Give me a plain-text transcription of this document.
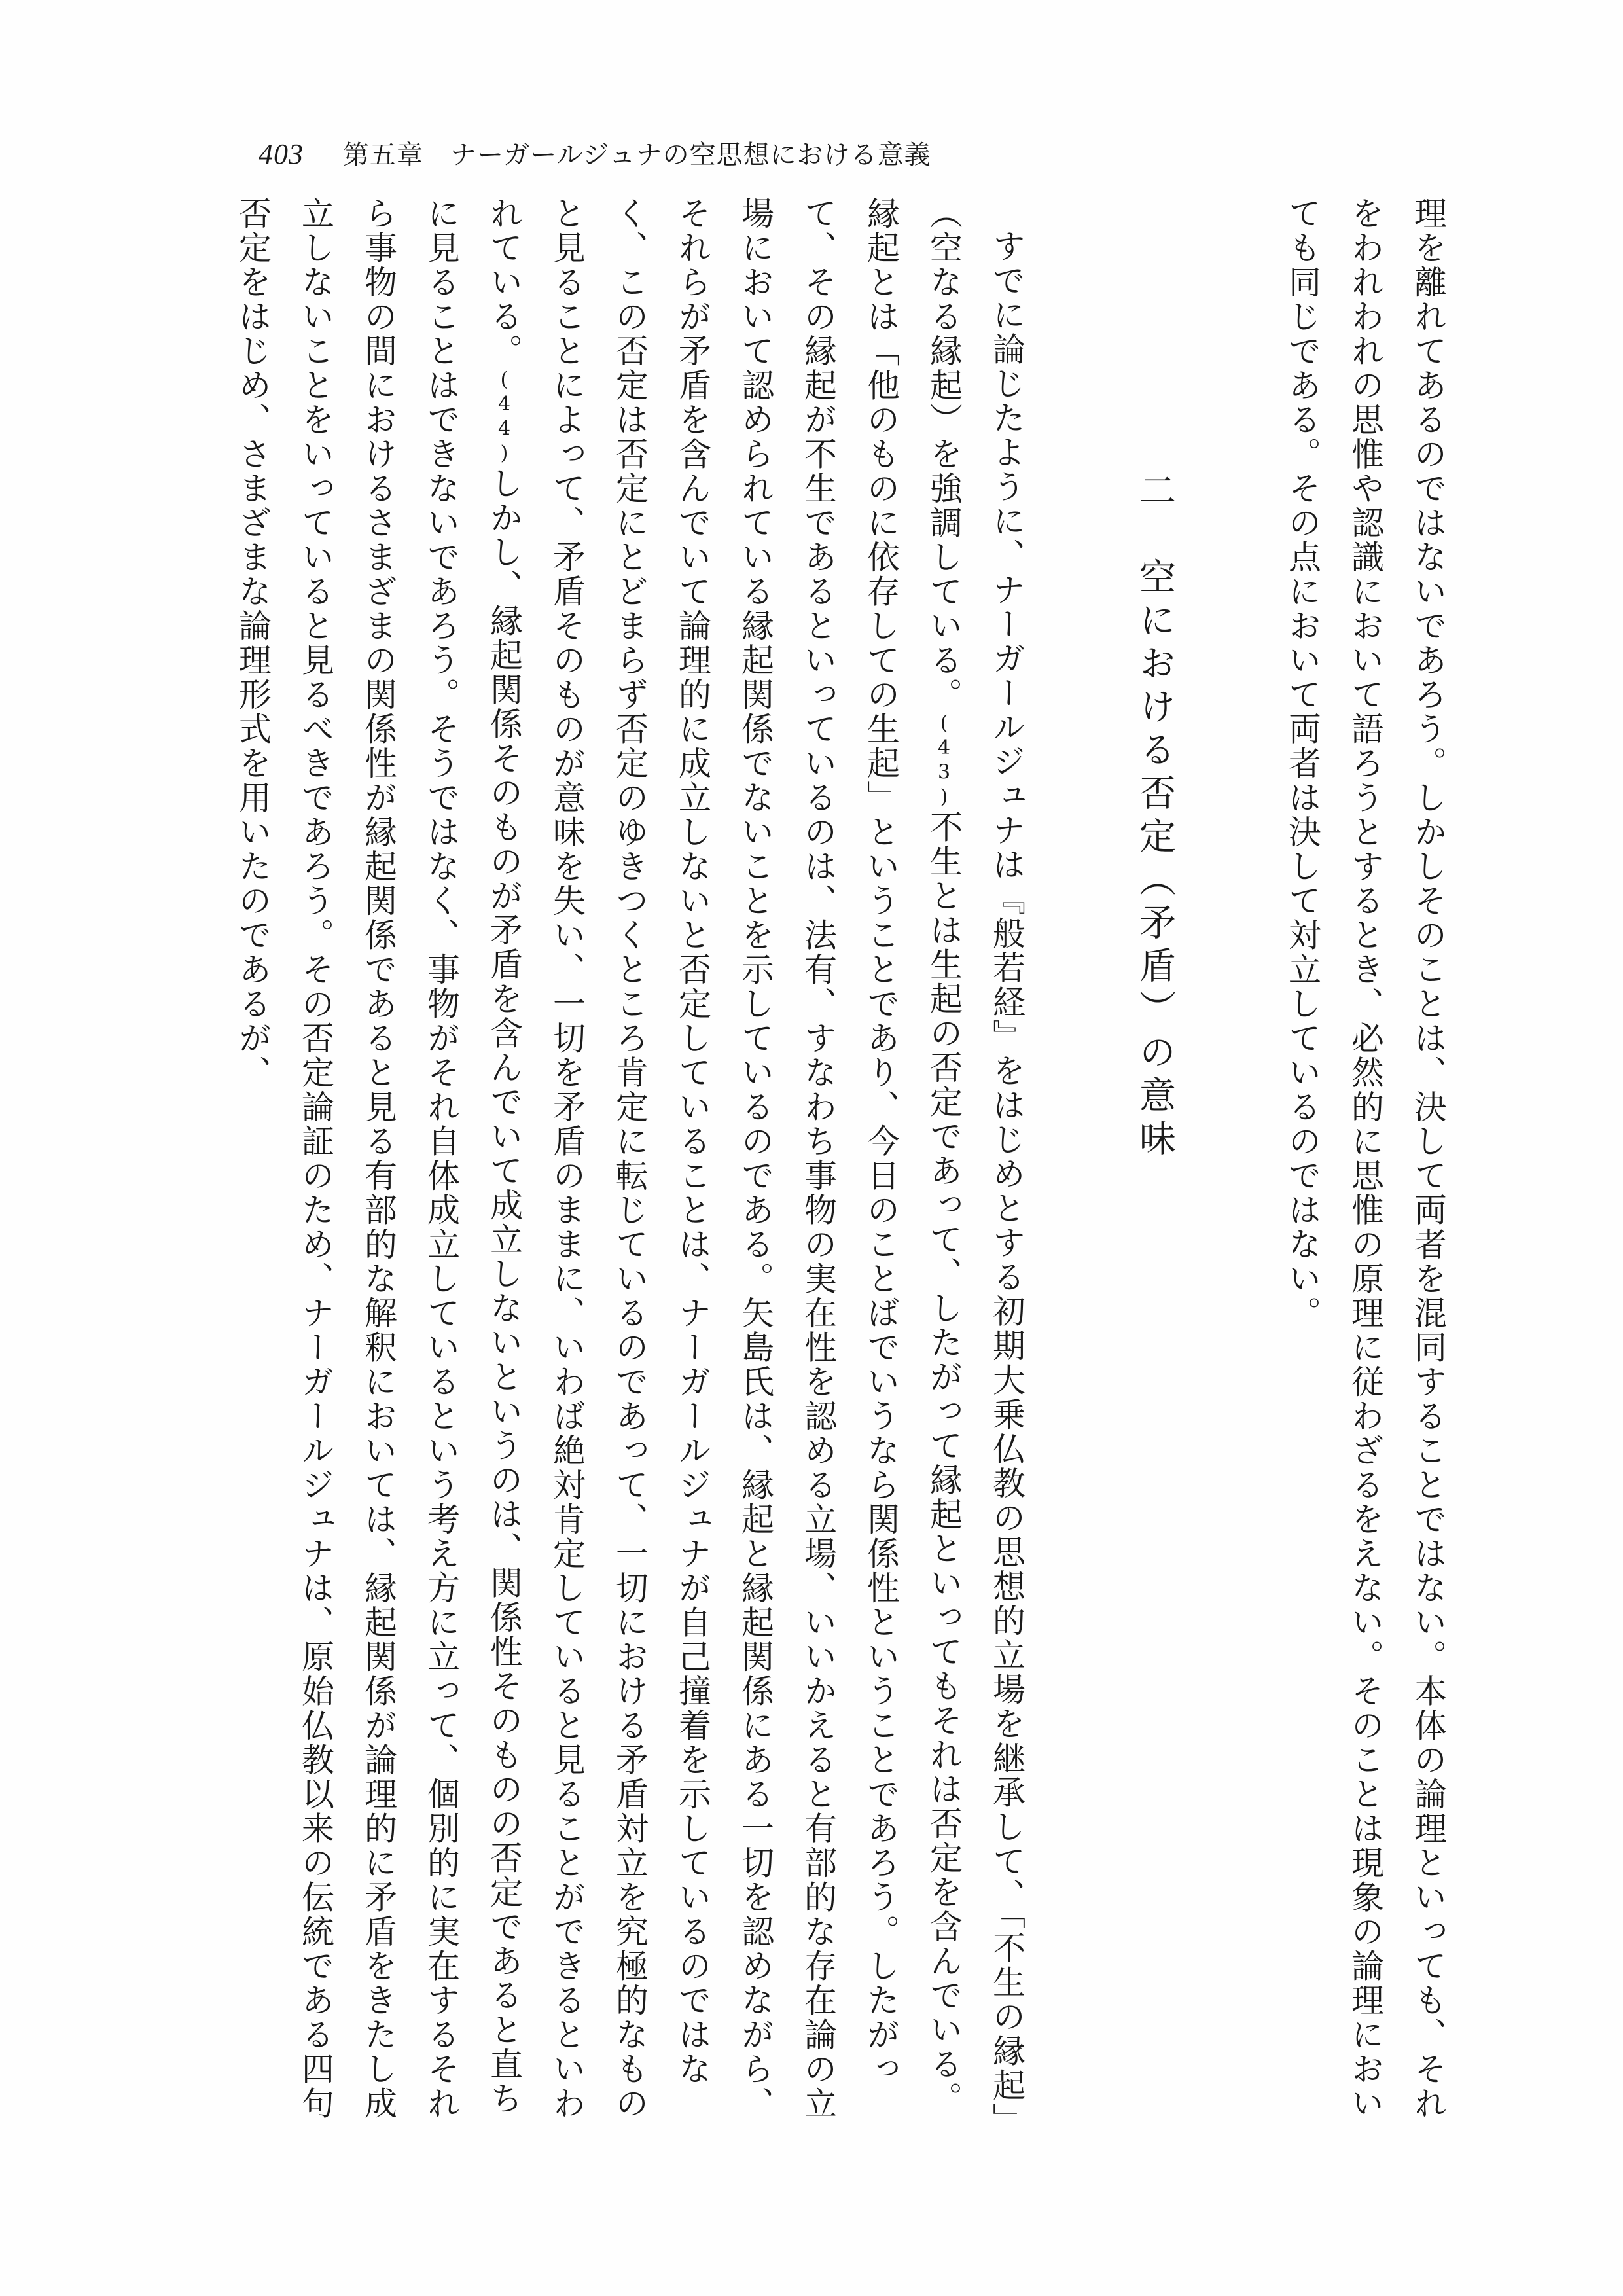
403 第五章　ナーガールジュナの空思想における意義

理を離れてあるのではないであろう。しかしそのことは、決して両者を混同することではない。本体の論理といっても、それをわれわれの思惟や認識において語ろうとするとき、必然的に思惟の原理に従わざるをえない。そのことは現象の論理においても同じである。その点において両者は決して対立しているのではない。

二　空における否定（矛盾）の意味

すでに論じたように、ナーガールジュナは『般若経』をはじめとする初期大乗仏教の思想的立場を継承して、「不生の縁起」（空なる縁起）を強調している。(43)不生とは生起の否定であって、したがって縁起といってもそれは否定を含んでいる。縁起とは「他のものに依存しての生起」ということであり、今日のことばでいうなら関係性ということであろう。したがって、その縁起が不生であるといっているのは、法有、すなわち事物の実在性を認める立場、いいかえると有部的な存在論の立場において認められている縁起関係でないことを示しているのである。矢島氏は、縁起と縁起関係にある一切を認めながら、それらが矛盾を含んでいて論理的に成立しないと否定していることは、ナーガールジュナが自己撞着を示しているのではなく、この否定は否定にとどまらず否定のゆきつくところ肯定に転じているのであって、一切における矛盾対立を究極的なものと見ることによって、矛盾そのものが意味を失い、一切を矛盾のままに、いわば絶対肯定していると見ることができるといわれている。(44)しかし、縁起関係そのものが矛盾を含んでいて成立しないというのは、関係性そのものの否定であると直ちに見ることはできないであろう。そうではなく、事物がそれ自体成立しているという考え方に立って、個別的に実在するそれら事物の間におけるさまざまの関係性が縁起関係であると見る有部的な解釈においては、縁起関係が論理的に矛盾をきたし成立しないことをいっていると見るべきであろう。その否定論証のため、ナーガールジュナは、原始仏教以来の伝統である四句否定をはじめ、さまざまな論理形式を用いたのであるが、
